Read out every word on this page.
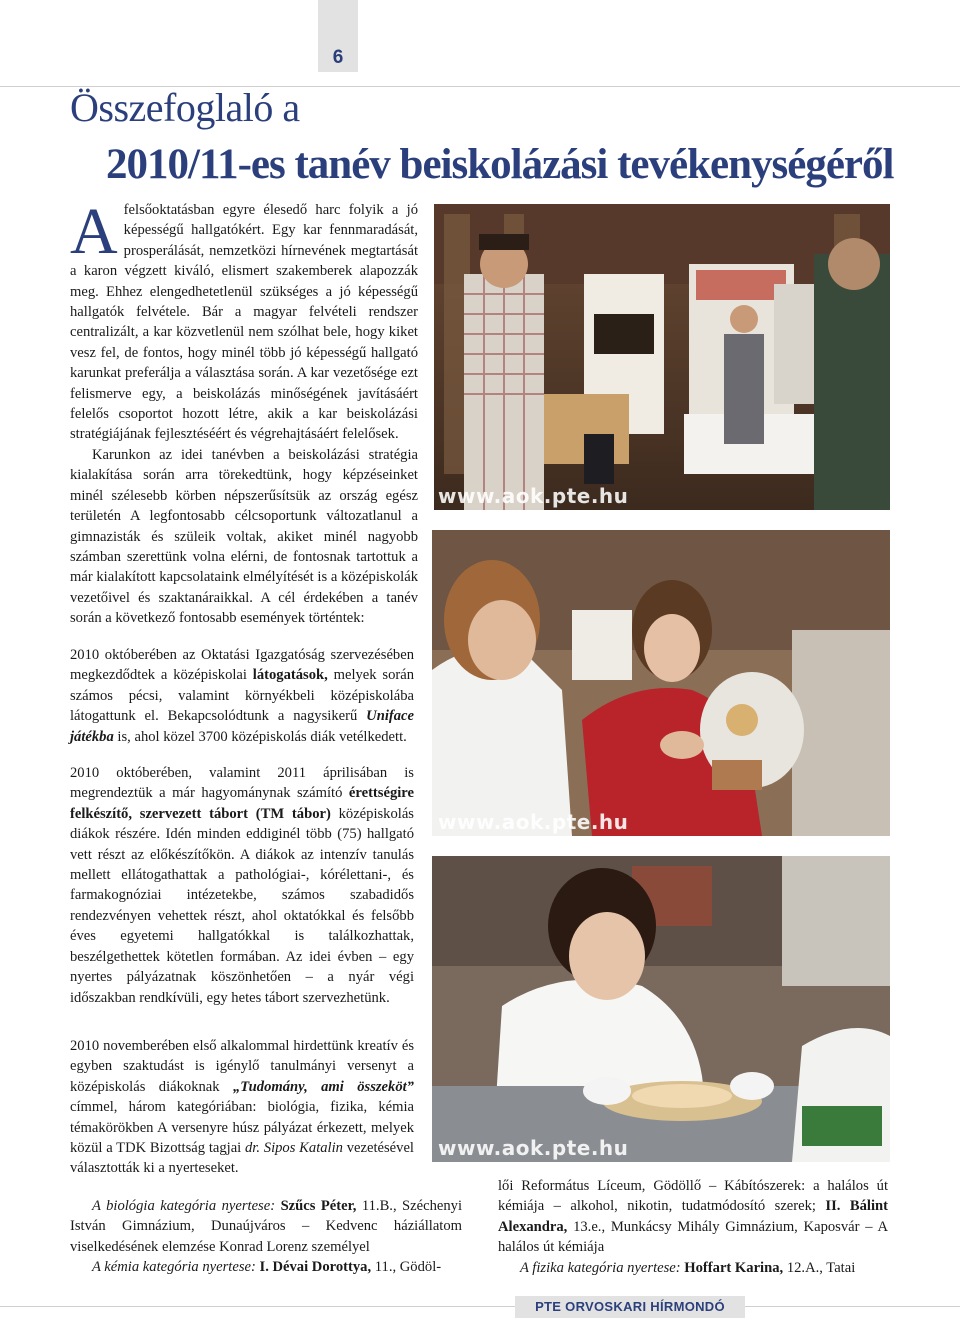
6
Összefoglaló a
2010/11-es tanév beiskolázási tevékenységéről

Afelsőoktatásban egyre élesedő harc folyik a jó képességű hallgatókért. Egy kar fennmaradását, prosperálását, nemzetközi hírnevének megtartását a karon végzett kiváló, elismert szakemberek alapozzák meg. Ehhez elengedhetetlenül szükséges a jó képességű hallgatók felvétele. Bár a magyar felvételi rendszer centralizált, a kar közvetlenül nem szólhat bele, hogy kiket vesz fel, de fontos, hogy minél több jó képességű hallgató karunkat preferálja a választása során. A kar vezetősége ezt felismerve egy, a beiskolázás minőségének javításáért felelős csoportot hozott létre, akik a kar beiskolázási stratégiájának fejlesztéséért és végrehajtásáért felelősek.

Karunkon az idei tanévben a beiskolázási stratégia kialakítása során arra törekedtünk, hogy képzéseinket minél szélesebb körben népszerűsítsük az ország egész területén A legfontosabb célcsoportunk változatlanul a gimnazisták és szüleik voltak, akiket minél nagyobb számban szerettünk volna elérni, de fontosnak tartottuk a már kialakított kapcsolataink elmélyítését is a középiskolák vezetőivel és szaktanáraikkal. A cél érdekében a tanév során a következő fontosabb események történtek:

2010 októberében az Oktatási Igazgatóság szervezésében megkezdődtek a középiskolai látogatások, melyek során számos pécsi, valamint környékbeli középiskolába látogattunk el. Bekapcsolódtunk a nagysikerű Uniface játékba is, ahol közel 3700 középiskolás diák vetélkedett.

2010 októberében, valamint 2011 áprilisában is megrendeztük a már hagyománynak számító érettségire felkészítő, szervezett tábort (TM tábor) középiskolás diákok részére. Idén minden eddiginél több (75) hallgató vett részt az előkészítőkön. A diákok az intenzív tanulás mellett ellátogathattak a pathológiai-, kórélettani-, és farmakognóziai intézetekbe, számos szabadidős rendezvényen vehettek részt, ahol oktatókkal és felsőbb éves egyetemi hallgatókkal is találkozhattak, beszélgethettek kötetlen formában. Az idei évben – egy nyertes pályázatnak köszönhetően – a nyár végi időszakban rendkívüli, egy hetes tábort szervezhetünk.

2010 novemberében első alkalommal hirdettünk kreatív és egyben szaktudást is igénylő tanulmányi versenyt a középiskolás diákoknak „Tudomány, ami összeköt” címmel, három kategóriában: biológia, fizika, kémia témakörökben A versenyre húsz pályázat érkezett, melyek közül a TDK Bizottság tagjai dr. Sipos Katalin vezetésével választották ki a nyerteseket.

A biológia kategória nyertese: Szűcs Péter, 11.B., Széchenyi István Gimnázium, Dunaújváros – Kedvenc háziállatom viselkedésének elemzése Konrad Lorenz személyel

A kémia kategória nyertese: I. Dévai Dorottya, 11., Gödöl-

lői Református Líceum, Gödöllő – Kábítószerek: a halálos út kémiája – alkohol, nikotin, tudatmódosító szerek; II. Bálint Alexandra, 13.e., Munkácsy Mihály Gimnázium, Kaposvár – A halálos út kémiája

A fizika kategória nyertese: Hoffart Karina, 12.A., Tatai

www.aok.pte.hu
www.aok.pte.hu
www.aok.pte.hu
PTE ORVOSKARI HÍRMONDÓ
